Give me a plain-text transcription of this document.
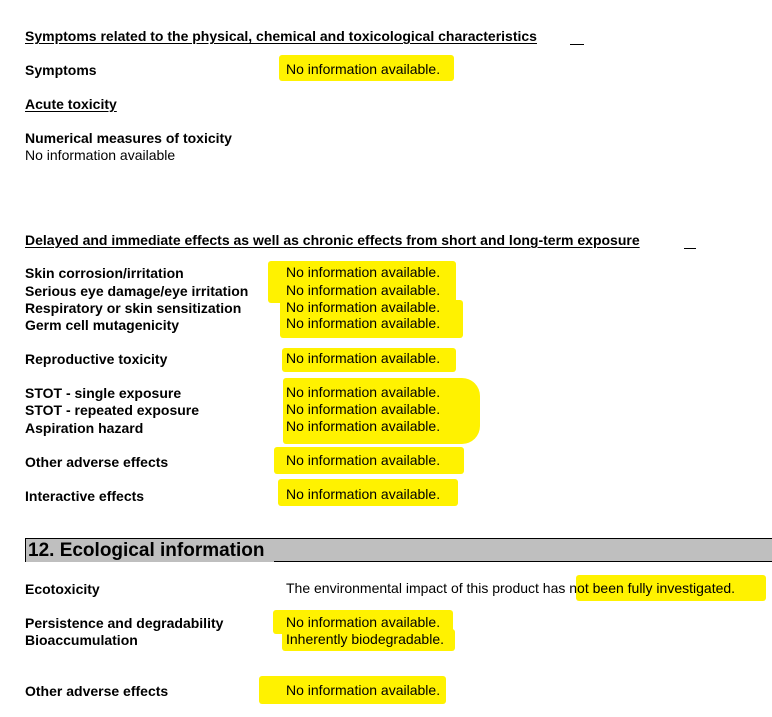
Symptoms related to the physical, chemical and toxicological characteristics
Symptoms	No information available.
Acute toxicity
Numerical measures of toxicity
No information available
Delayed and immediate effects as well as chronic effects from short and long-term exposure
Skin corrosion/irritation	No information available.
Serious eye damage/eye irritation	No information available.
Respiratory or skin sensitization	No information available.
Germ cell mutagenicity	No information available.
Reproductive toxicity	No information available.
STOT - single exposure	No information available.
STOT - repeated exposure	No information available.
Aspiration hazard	No information available.
Other adverse effects	No information available.
Interactive effects	No information available.
12. Ecological information
Ecotoxicity	The environmental impact of this product has not been fully investigated.
Persistence and degradability	No information available.
Bioaccumulation	Inherently biodegradable.
Other adverse effects	No information available.
